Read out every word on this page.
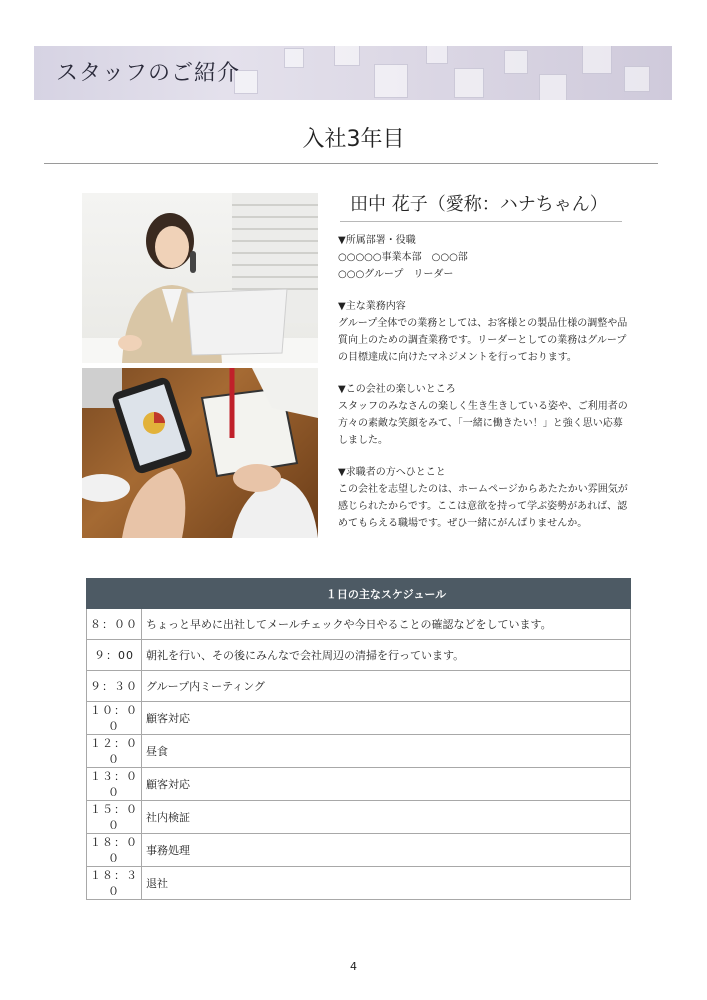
スタッフのご紹介
入社3年目
田中 花子（愛称：ハナちゃん）
▼所属部署・役職
○○○○○事業本部　○○○部
○○○グループ　リーダー
▼主な業務内容
グループ全体での業務としては、お客様との製品仕様の調整や品
質向上のための調査業務です。リーダーとしての業務はグループ
の目標達成に向けたマネジメントを行っております。
▼この会社の楽しいところ
スタッフのみなさんの楽しく生き生きしている姿や、ご利用者の
方々の素敵な笑顔をみて、「一緒に働きたい！」と強く思い応募
しました。
▼求職者の方へひとこと
この会社を志望したのは、ホームページからあたたかい雰囲気が
感じられたからです。ここは意欲を持って学ぶ姿勢があれば、認
めてもらえる職場です。ぜひ一緒にがんばりませんか。
	１日の主なスケジュール
８：００	ちょっと早めに出社してメールチェックや今日やることの確認などをしています。
９：00	朝礼を行い、その後にみんなで会社周辺の清掃を行っています。
９：３０	グループ内ミーティング
１０：００	顧客対応
１２：００	昼食
１３：００	顧客対応
１５：００	社内検証
１８：００	事務処理
１８：３０	退社
4
